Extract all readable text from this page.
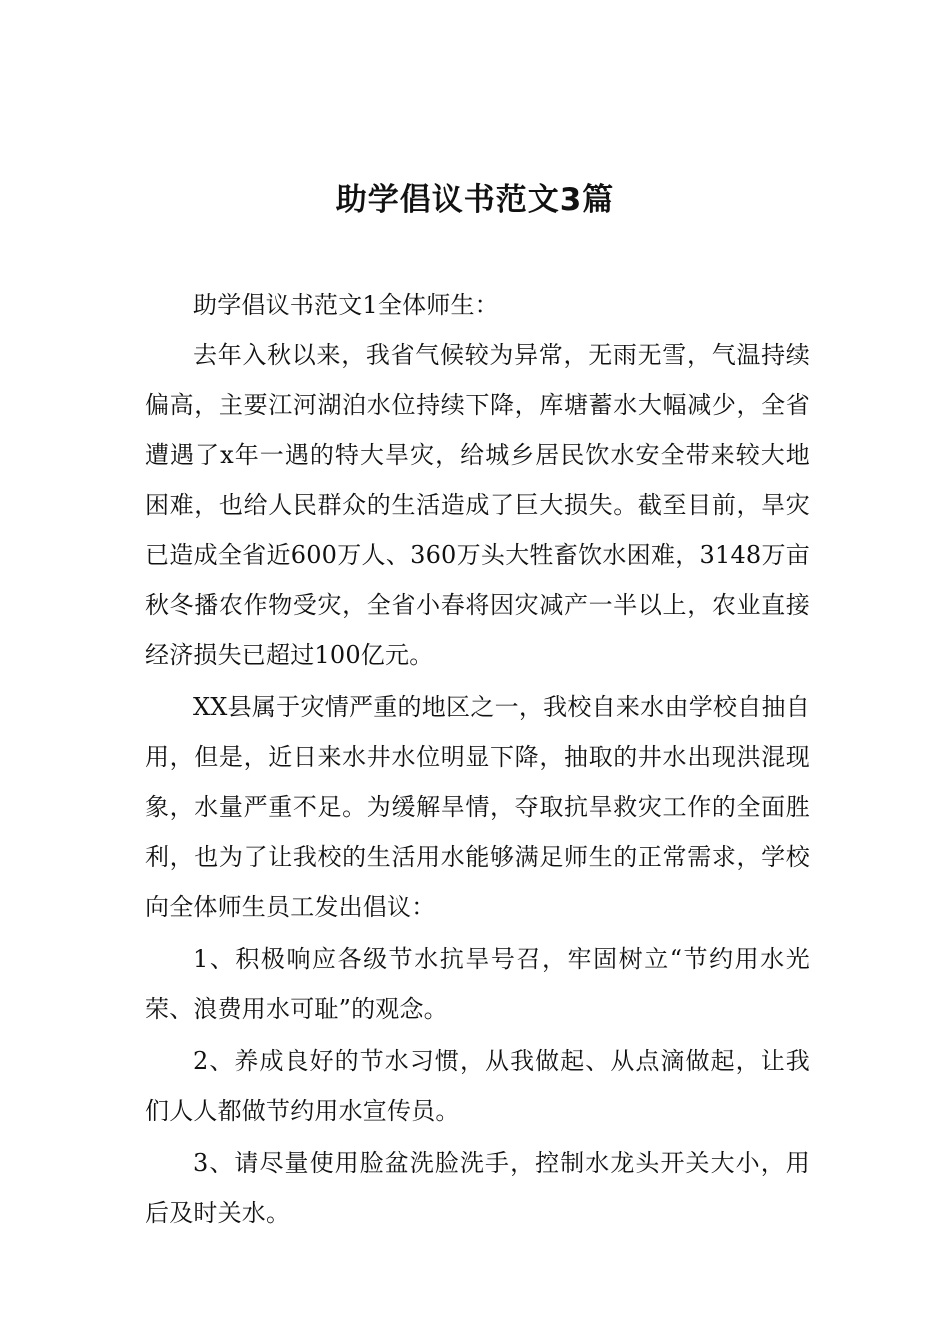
助学倡议书范文3篇

助学倡议书范文1全体师生：

去年入秋以来，我省气候较为异常，无雨无雪，气温持续偏高，主要江河湖泊水位持续下降，库塘蓄水大幅减少，全省遭遇了x年一遇的特大旱灾，给城乡居民饮水安全带来较大地困难，也给人民群众的生活造成了巨大损失。截至目前，旱灾已造成全省近600万人、360万头大牲畜饮水困难，3148万亩秋冬播农作物受灾，全省小春将因灾减产一半以上，农业直接经济损失已超过100亿元。

XX县属于灾情严重的地区之一，我校自来水由学校自抽自用，但是，近日来水井水位明显下降，抽取的井水出现洪混现象，水量严重不足。为缓解旱情，夺取抗旱救灾工作的全面胜利，也为了让我校的生活用水能够满足师生的正常需求，学校向全体师生员工发出倡议：

1、积极响应各级节水抗旱号召，牢固树立“节约用水光荣、浪费用水可耻”的观念。

2、养成良好的节水习惯，从我做起、从点滴做起，让我们人人都做节约用水宣传员。

3、请尽量使用脸盆洗脸洗手，控制水龙头开关大小，用后及时关水。
